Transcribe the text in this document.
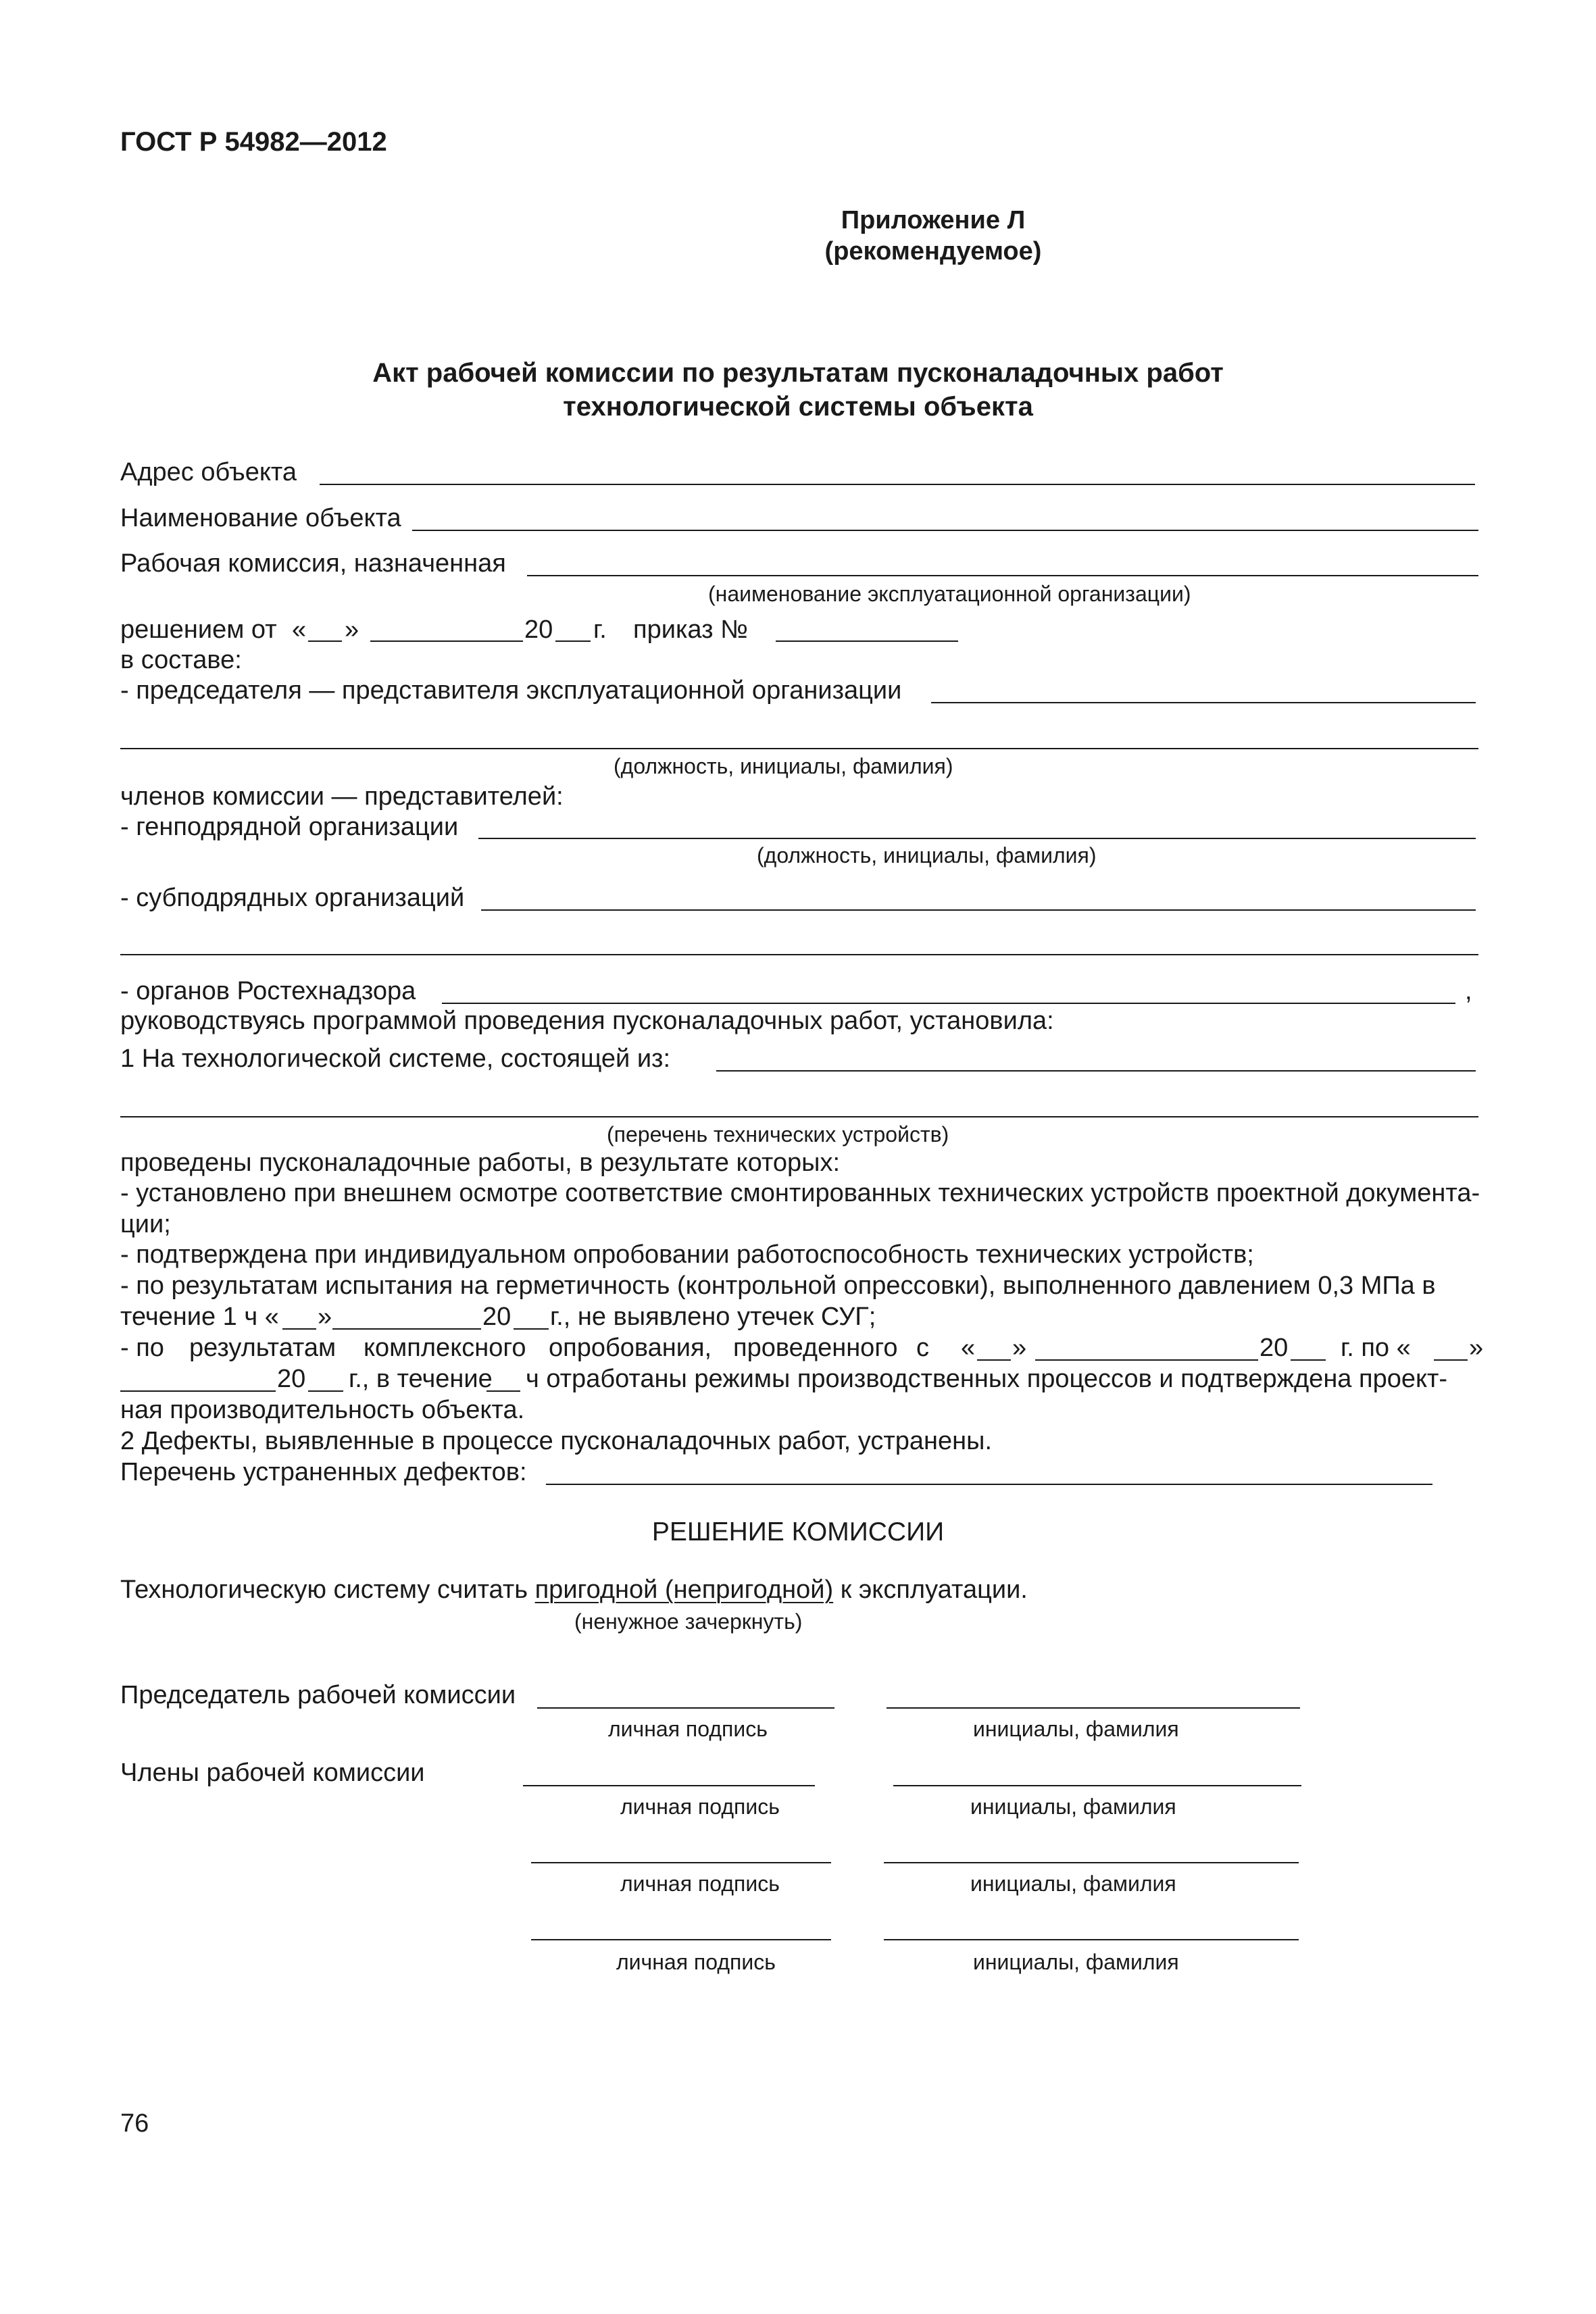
ГОСТ Р 54982—2012
Приложение Л
(рекомендуемое)
Акт рабочей комиссии по результатам пусконаладочных работ
технологической системы объекта
Адрес объекта
Наименование объекта
Рабочая комиссия, назначенная
(наименование эксплуатационной организации)
решением от « »	20 г. приказ №
в составе:
- председателя — представителя эксплуатационной организации
(должность, инициалы, фамилия)
членов комиссии — представителей:
- генподрядной организации
(должность, инициалы, фамилия)
- субподрядных организаций
- органов Ростехнадзора	,
руководствуясь программой проведения пусконаладочных работ, установила:
1 На технологической системе, состоящей из:
(перечень технических устройств)
проведены пусконаладочные работы, в результате которых:
- установлено при внешнем осмотре соответствие смонтированных технических устройств проектной документа-
ции;
- подтверждена при индивидуальном опробовании работоспособность технических устройств;
- по результатам испытания на герметичность (контрольной опрессовки), выполненного давлением 0,3 МПа в
течение 1 ч « »	20 г., не выявлено утечек СУГ;
- по результатам комплексного опробования, проведенного с « »	20 г. по « »
20 г., в течение ч отработаны режимы производственных процессов и подтверждена проект-
ная производительность объекта.
2 Дефекты, выявленные в процессе пусконаладочных работ, устранены.
Перечень устраненных дефектов:
РЕШЕНИЕ КОМИССИИ
Технологическую систему считать пригодной (непригодной) к эксплуатации.
(ненужное зачеркнуть)
Председатель рабочей комиссии
личная подпись	инициалы, фамилия
Члены рабочей комиссии
личная подпись	инициалы, фамилия
личная подпись	инициалы, фамилия
личная подпись	инициалы, фамилия
76
